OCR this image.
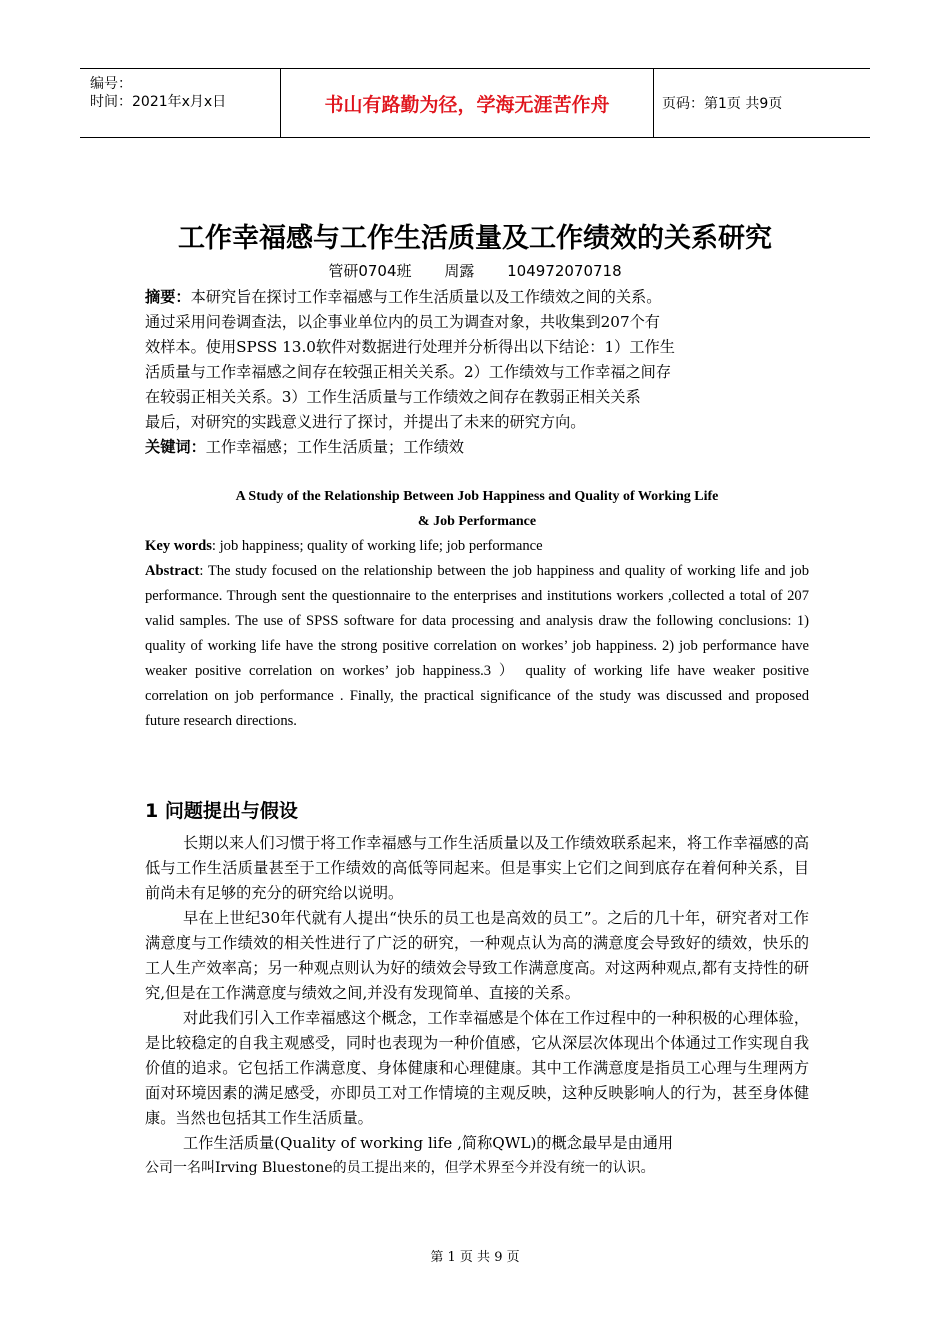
编号：
时间：2021年x月x日	书山有路勤为径，学海无涯苦作舟	页码：第1页 共9页
工作幸福感与工作生活质量及工作绩效的关系研究
管研0704班 周露 104972070718
摘要：本研究旨在探讨工作幸福感与工作生活质量以及工作绩效之间的关系。
通过采用问卷调查法，以企事业单位内的员工为调查对象，共收集到207个有
效样本。使用SPSS 13.0软件对数据进行处理并分析得出以下结论：1）工作生
活质量与工作幸福感之间存在较强正相关关系。2）工作绩效与工作幸福之间存
在较弱正相关关系。3）工作生活质量与工作绩效之间存在教弱正相关关系
最后，对研究的实践意义进行了探讨，并提出了未来的研究方向。
关键词：工作幸福感；工作生活质量；工作绩效
A Study of the Relationship Between Job Happiness and Quality of Working Life
& Job Performance
Key words: job happiness; quality of working life; job performance
Abstract: The study focused on the relationship between the job happiness and quality of working life and job performance. Through sent the questionnaire to the enterprises and institutions workers ,collected a total of 207 valid samples. The use of SPSS software for data processing and analysis draw the following conclusions: 1) quality of working life have the strong positive correlation on workes’ job happiness. 2) job performance have weaker positive correlation on workes’ job happiness.3 ） quality of working life have weaker positive correlation on job performance . Finally, the practical significance of the study was discussed and proposed future research directions.
1 问题提出与假设

长期以来人们习惯于将工作幸福感与工作生活质量以及工作绩效联系起来，将工作幸福感的高低与工作生活质量甚至于工作绩效的高低等同起来。但是事实上它们之间到底存在着何种关系，目前尚未有足够的充分的研究给以说明。

早在上世纪30年代就有人提出“快乐的员工也是高效的员工”。之后的几十年，研究者对工作满意度与工作绩效的相关性进行了广泛的研究，一种观点认为高的满意度会导致好的绩效，快乐的工人生产效率高；另一种观点则认为好的绩效会导致工作满意度高。对这两种观点,都有支持性的研究,但是在工作满意度与绩效之间,并没有发现简单、直接的关系。

对此我们引入工作幸福感这个概念，工作幸福感是个体在工作过程中的一种积极的心理体验，是比较稳定的自我主观感受，同时也表现为一种价值感，它从深层次体现出个体通过工作实现自我价值的追求。它包括工作满意度、身体健康和心理健康。其中工作满意度是指员工心理与生理两方面对环境因素的满足感受，亦即员工对工作情境的主观反映，这种反映影响人的行为，甚至身体健康。当然也包括其工作生活质量。

工作生活质量(Quality of working life ,简称QWL)的概念最早是由通用

公司一名叫Irving Bluestone的员工提出来的，但学术界至今并没有统一的认识。
第 1 页 共 9 页
